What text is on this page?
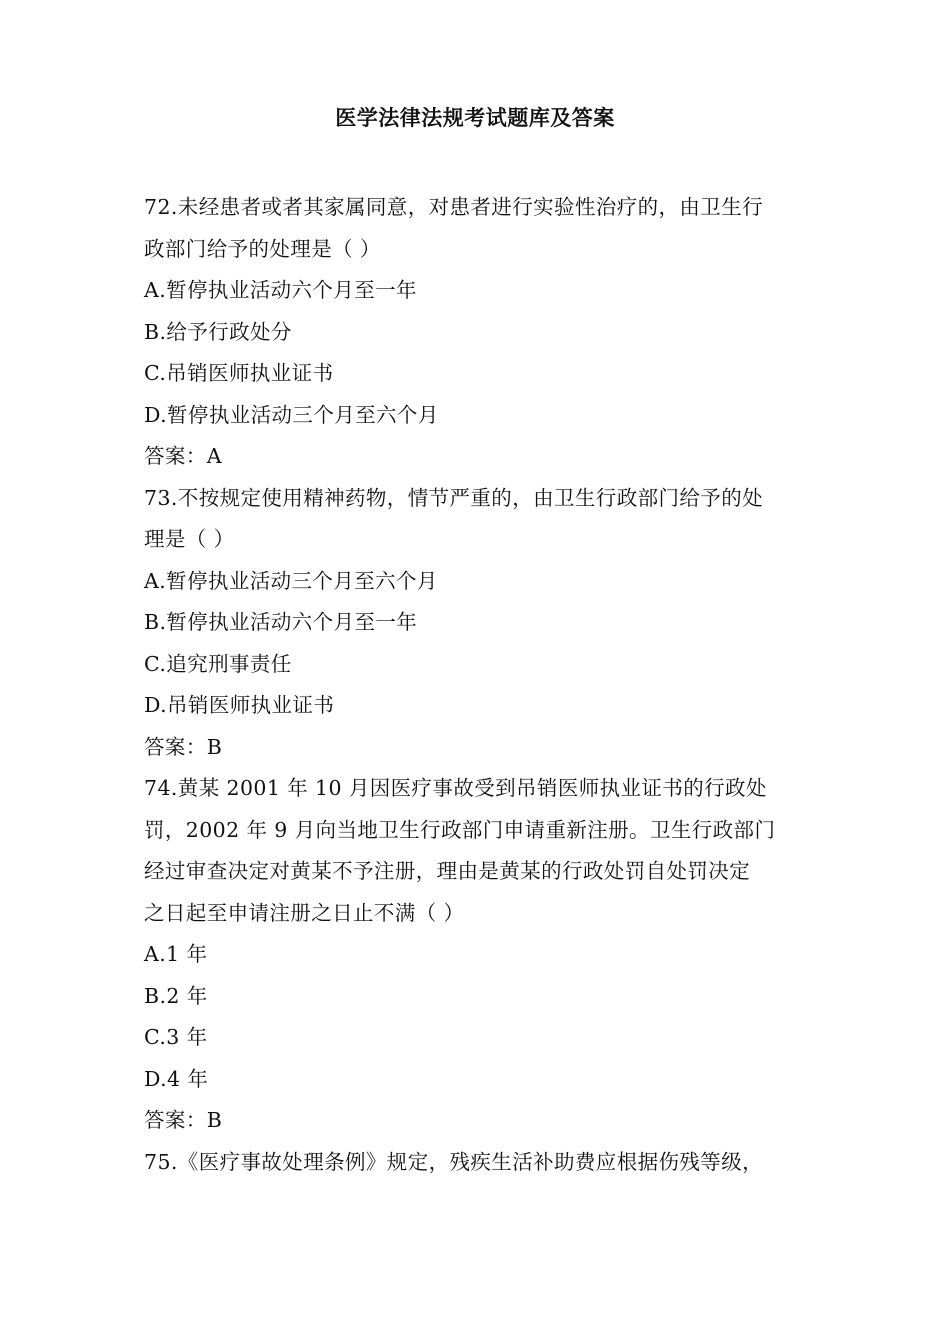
医学法律法规考试题库及答案
72.未经患者或者其家属同意，对患者进行实验性治疗的，由卫生行
政部门给予的处理是（ ）
A.暂停执业活动六个月至一年
B.给予行政处分
C.吊销医师执业证书
D.暂停执业活动三个月至六个月
答案：A
73.不按规定使用精神药物，情节严重的，由卫生行政部门给予的处
理是（ ）
A.暂停执业活动三个月至六个月
B.暂停执业活动六个月至一年
C.追究刑事责任
D.吊销医师执业证书
答案：B
74.黄某 2001 年 10 月因医疗事故受到吊销医师执业证书的行政处
罚，2002 年 9 月向当地卫生行政部门申请重新注册。卫生行政部门
经过审查决定对黄某不予注册，理由是黄某的行政处罚自处罚决定
之日起至申请注册之日止不满（ ）
A.1 年
B.2 年
C.3 年
D.4 年
答案：B
75.《医疗事故处理条例》规定，残疾生活补助费应根据伤残等级，
